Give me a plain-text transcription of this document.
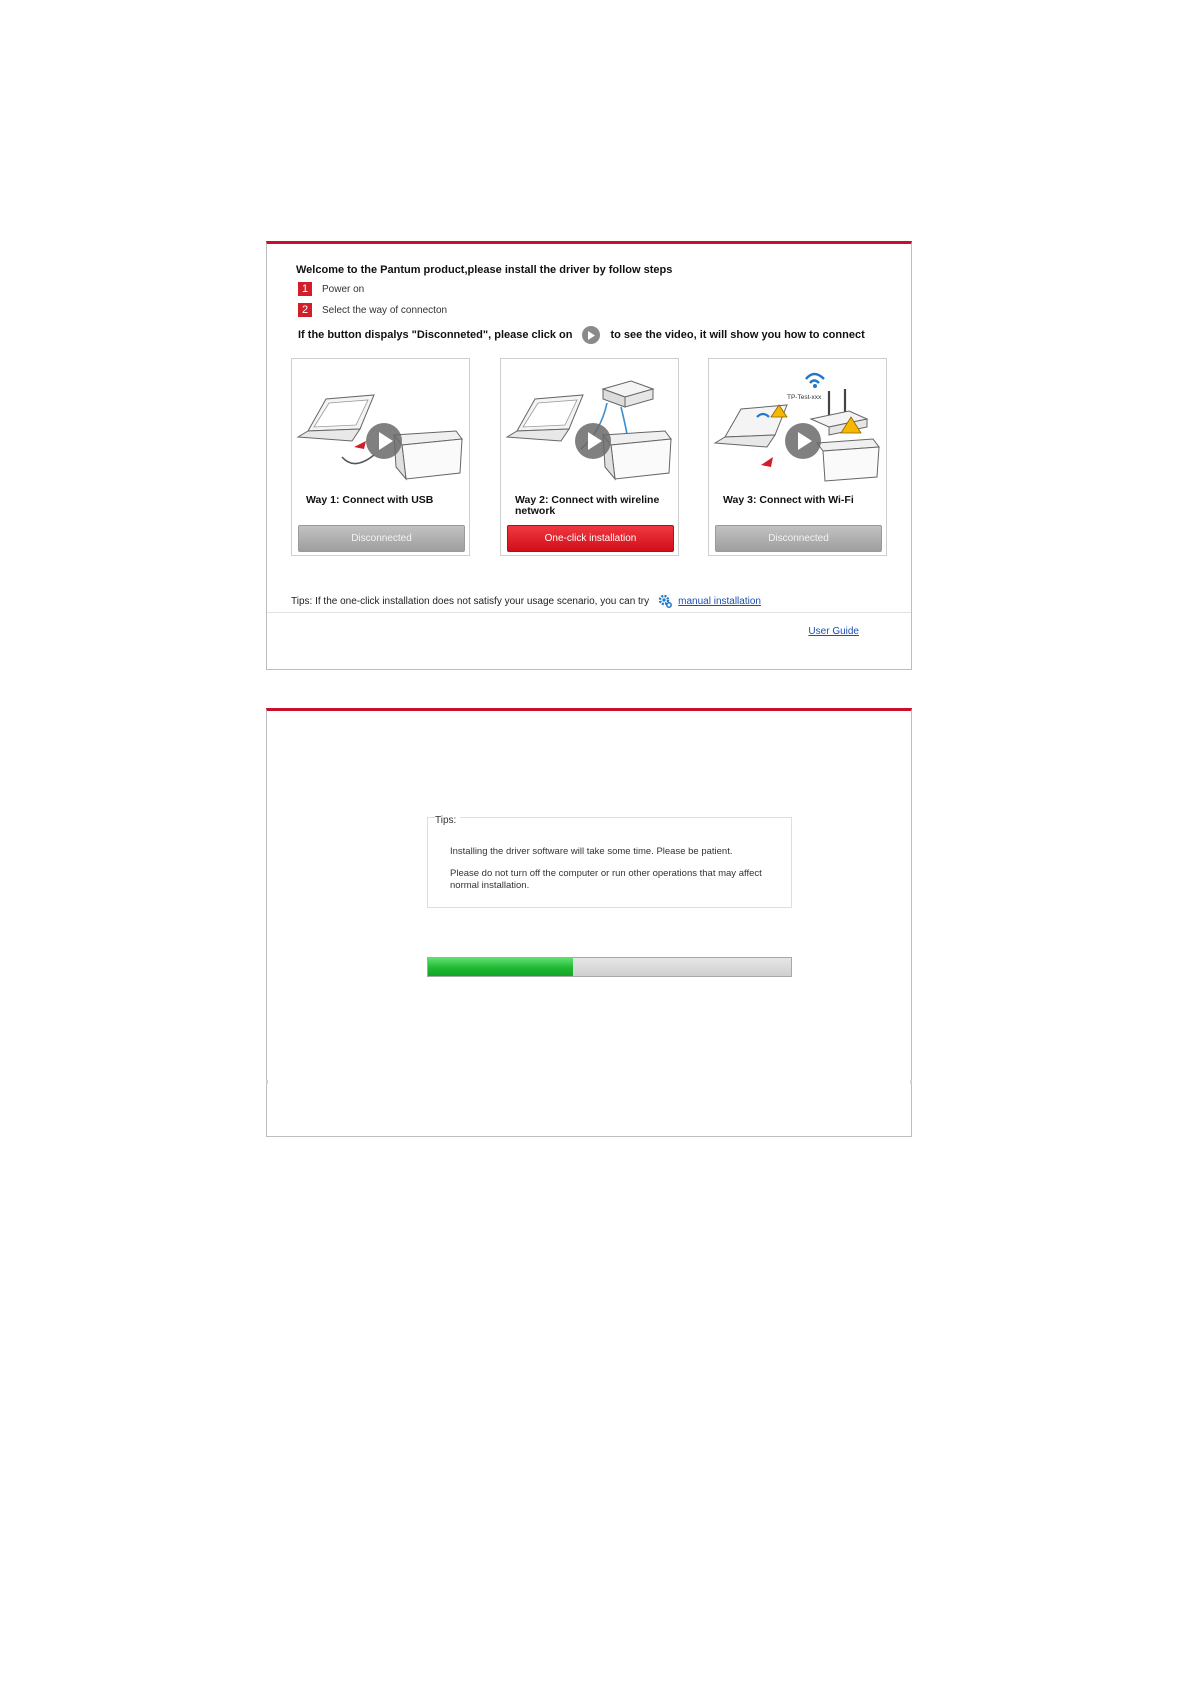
Welcome to the Pantum product,please install the driver by follow steps
1	Power on
2	Select the way of connecton
If the button dispalys "Disconneted", please click on	to see the video, it will show you how to connect
Way 1: Connect with USB
Disconnected
Way 2: Connect with wireline network
One-click installation
TP-Test-xxx
Way 3: Connect with Wi-Fi
Disconnected
Tips: If the one-click installation does not satisfy your usage scenario, you can try	manual installation
User Guide
Tips:
Installing the driver software will take some time. Please be patient.
Please do not turn off the computer or run other operations that may affect normal installation.
